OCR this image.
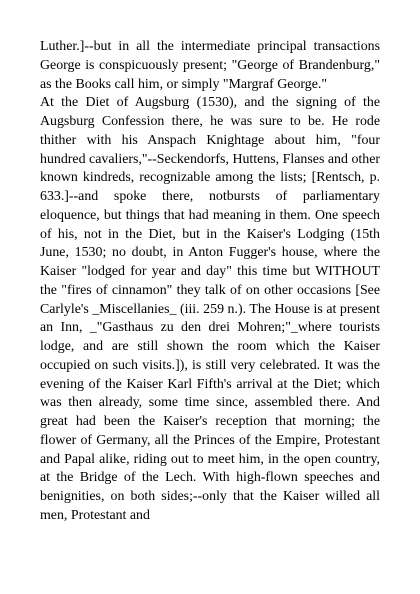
Luther.]--but in all the intermediate principal transactions George is conspicuously present; "George of Brandenburg," as the Books call him, or simply "Margraf George."

At the Diet of Augsburg (1530), and the signing of the Augsburg Confession there, he was sure to be. He rode thither with his Anspach Knightage about him, "four hundred cavaliers,"--Seckendorfs, Huttens, Flanses and other known kindreds, recognizable among the lists; [Rentsch, p. 633.]--and spoke there, notbursts of parliamentary eloquence, but things that had meaning in them. One speech of his, not in the Diet, but in the Kaiser's Lodging (15th June, 1530; no doubt, in Anton Fugger's house, where the Kaiser "lodged for year and day" this time but WITHOUT the "fires of cinnamon" they talk of on other occasions [See Carlyle's _Miscellanies_ (iii. 259 n.). The House is at present an Inn, _"Gasthaus zu den drei Mohren;"_where tourists lodge, and are still shown the room which the Kaiser occupied on such visits.]), is still very celebrated. It was the evening of the Kaiser Karl Fifth's arrival at the Diet; which was then already, some time since, assembled there. And great had been the Kaiser's reception that morning; the flower of Germany, all the Princes of the Empire, Protestant and Papal alike, riding out to meet him, in the open country, at the Bridge of the Lech. With high-flown speeches and benignities, on both sides;--only that the Kaiser willed all men, Protestant and
